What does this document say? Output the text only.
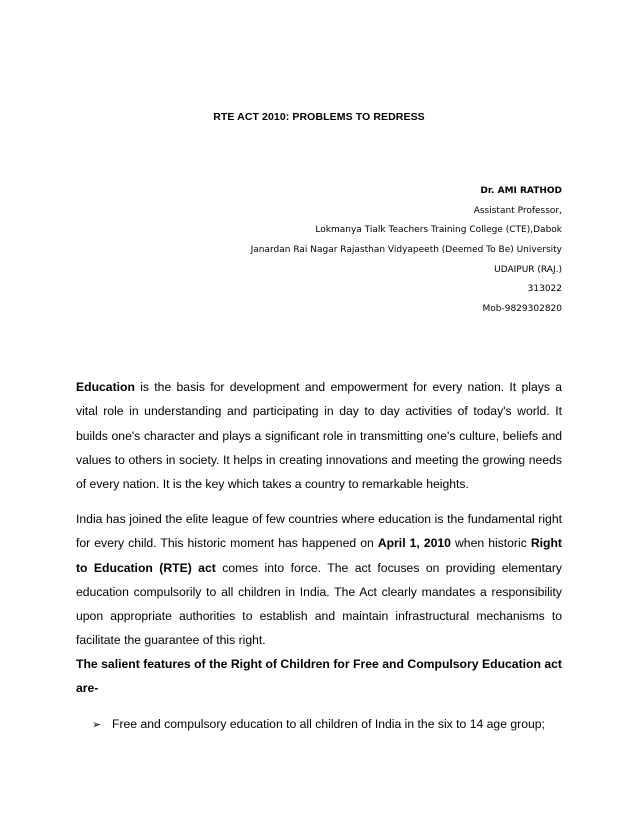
RTE ACT 2010: PROBLEMS TO REDRESS
Dr. AMI RATHOD
Assistant Professor,
Lokmanya Tialk Teachers Training College (CTE),Dabok
Janardan Rai Nagar Rajasthan Vidyapeeth (Deemed To Be) University
UDAIPUR (RAJ.)
313022
Mob-9829302820
Education is the basis for development and empowerment for every nation. It plays a vital role in understanding and participating in day to day activities of today's world. It builds one's character and plays a significant role in transmitting one's culture, beliefs and values to others in society. It helps in creating innovations and meeting the growing needs of every nation. It is the key which takes a country to remarkable heights.
India has joined the elite league of few countries where education is the fundamental right for every child. This historic moment has happened on April 1, 2010 when historic Right to Education (RTE) act comes into force. The act focuses on providing elementary education compulsorily to all children in India. The Act clearly mandates a responsibility upon appropriate authorities to establish and maintain infrastructural mechanisms to facilitate the guarantee of this right.
The salient features of the Right of Children for Free and Compulsory Education act are-
➢ Free and compulsory education to all children of India in the six to 14 age group;
